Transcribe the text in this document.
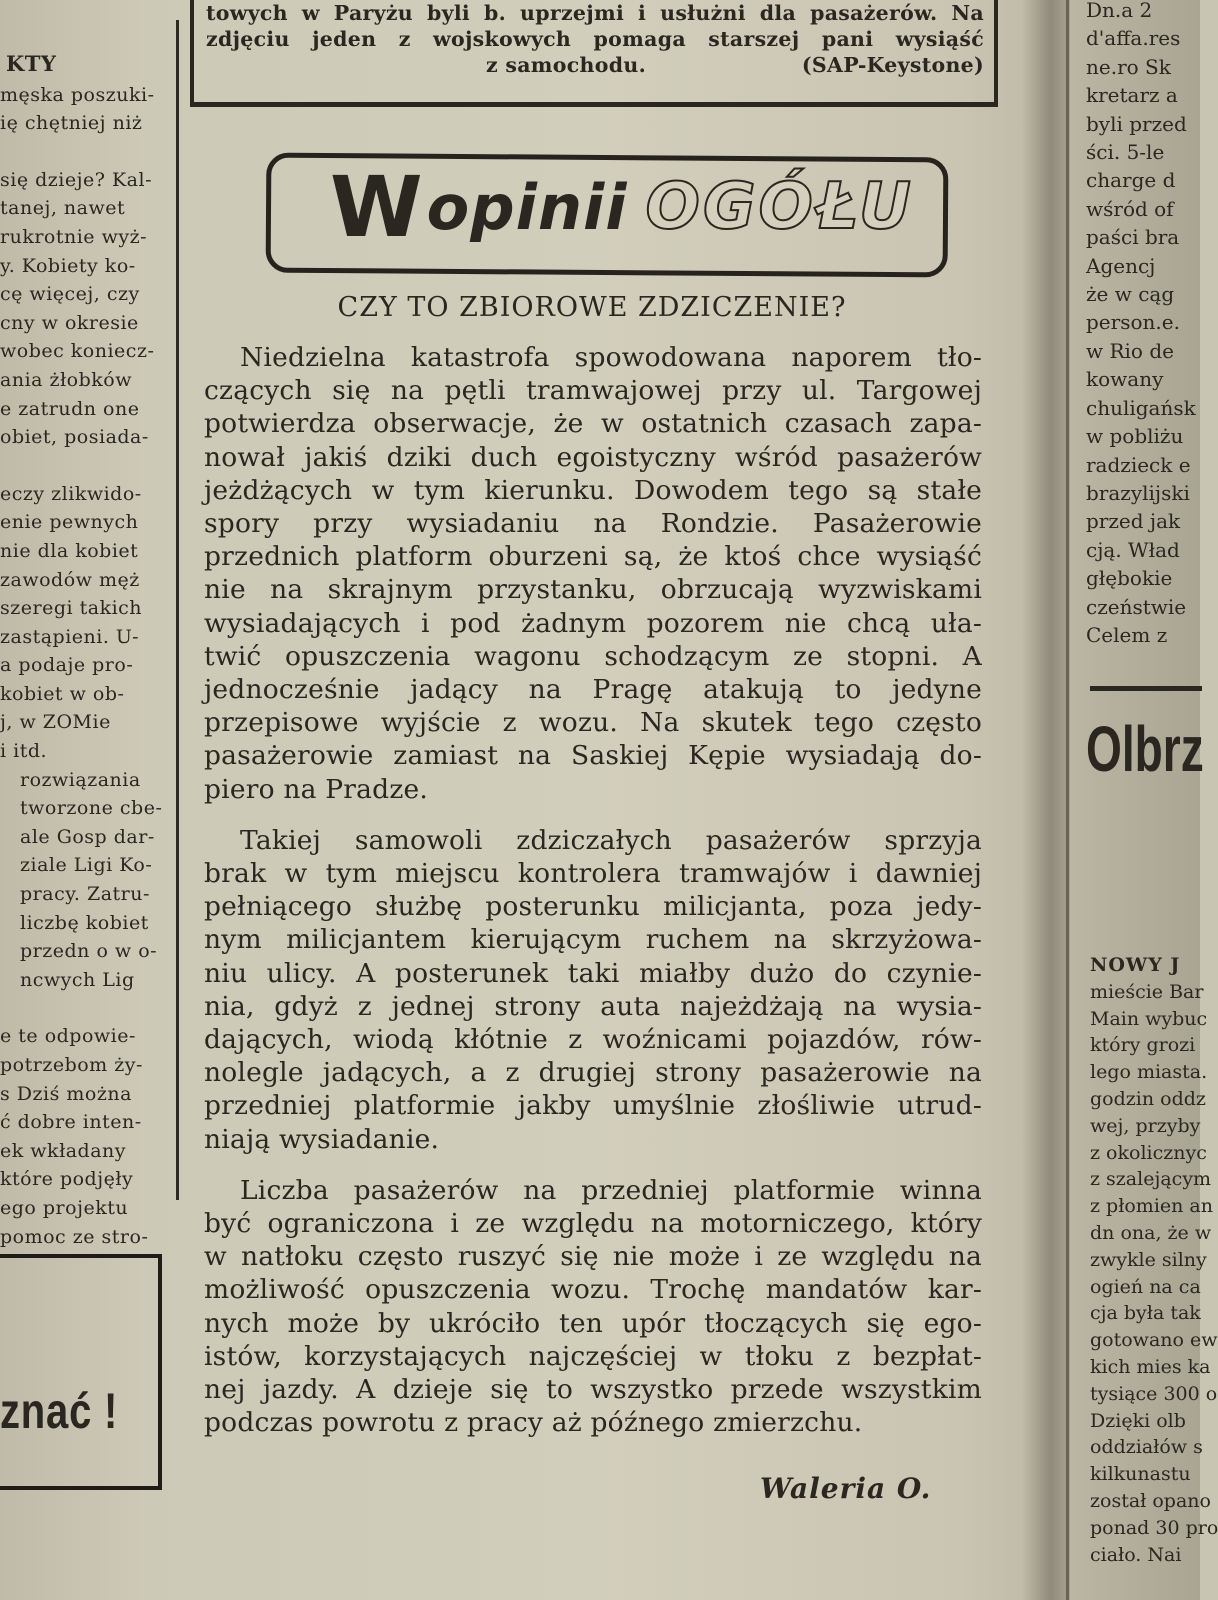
KTY
męska poszuki-
ię chętniej niż
się dzieje? Kal-
tanej, nawet
rukrotnie wyż-
y. Kobiety ko-
cę więcej, czy
cny w okresie
wobec koniecz-
ania żłobków
e zatrudn one
obiet, posiada-
eczy zlikwido-
enie pewnych
nie dla kobiet
zawodów męż
szeregi takich
zastąpieni. U-
a podaje pro-
kobiet w ob-
j, w ZOMie
i itd.
rozwiązania
tworzone cbe-
ale Gosp dar-
ziale Ligi Ko-
pracy. Zatru-
liczbę kobiet
przedn o w o-
ncwych Lig
e te odpowie-
potrzebom ży-
s Dziś można
ć dobre inten-
ek wkładany
które podjęły
ego projektu
pomoc ze stro-
znać !
towych w Paryżu byli b. uprzejmi i usłużni dla pasażerów. Na
zdjęciu jeden z wojskowych pomaga starszej pani wysiąść
z samochodu.	(SAP-Keystone)
W opinii OGÓŁU
CZY TO ZBIOROWE ZDZICZENIE?
Niedzielna katastrofa spowodowana naporem tło-
czących się na pętli tramwajowej przy ul. Targowej
potwierdza obserwacje, że w ostatnich czasach zapa-
nował jakiś dziki duch egoistyczny wśród pasażerów
jeżdżących w tym kierunku. Dowodem tego są stałe
spory przy wysiadaniu na Rondzie. Pasażerowie
przednich platform oburzeni są, że ktoś chce wysiąść
nie na skrajnym przystanku, obrzucają wyzwiskami
wysiadających i pod żadnym pozorem nie chcą uła-
twić opuszczenia wagonu schodzącym ze stopni. A
jednocześnie jadący na Pragę atakują to jedyne
przepisowe wyjście z wozu. Na skutek tego często
pasażerowie zamiast na Saskiej Kępie wysiadają do-
piero na Pradze.
Takiej samowoli zdziczałych pasażerów sprzyja
brak w tym miejscu kontrolera tramwajów i dawniej
pełniącego służbę posterunku milicjanta, poza jedy-
nym milicjantem kierującym ruchem na skrzyżowa-
niu ulicy. A posterunek taki miałby dużo do czynie-
nia, gdyż z jednej strony auta najeżdżają na wysia-
dających, wiodą kłótnie z woźnicami pojazdów, rów-
nolegle jadących, a z drugiej strony pasażerowie na
przedniej platformie jakby umyślnie złośliwie utrud-
niają wysiadanie.
Liczba pasażerów na przedniej platformie winna
być ograniczona i ze względu na motorniczego, który
w natłoku często ruszyć się nie może i ze względu na
możliwość opuszczenia wozu. Trochę mandatów kar-
nych może by ukróciło ten upór tłoczących się ego-
istów, korzystających najczęściej w tłoku z bezpłat-
nej jazdy. A dzieje się to wszystko przede wszystkim
podczas powrotu z pracy aż późnego zmierzchu.
Waleria O.
Dn.a 2
d'affa.res
ne.ro Sk
kretarz a
byli przed
ści. 5-le
charge d
wśród of
paści bra
Agencj
że w cąg
person.e.
w Rio de
kowany
chuligańsk
w pobliżu
radzieck e
brazylijski
przed jak
cją. Wład
głębokie
czeństwie
Celem z
Olbrz
NOWY J
mieście Bar
Main wybuc
który grozi
lego miasta.
godzin oddz
wej, przyby
z okolicznyc
z szalejącym
z płomien an
dn ona, że w
zwykle silny
ogień na ca
cja była tak
gotowano ew
kich mies ka
tysiące 300 o
Dzięki olb
oddziałów s
kilkunastu
został opano
ponad 30 pro
ciało. Nai
